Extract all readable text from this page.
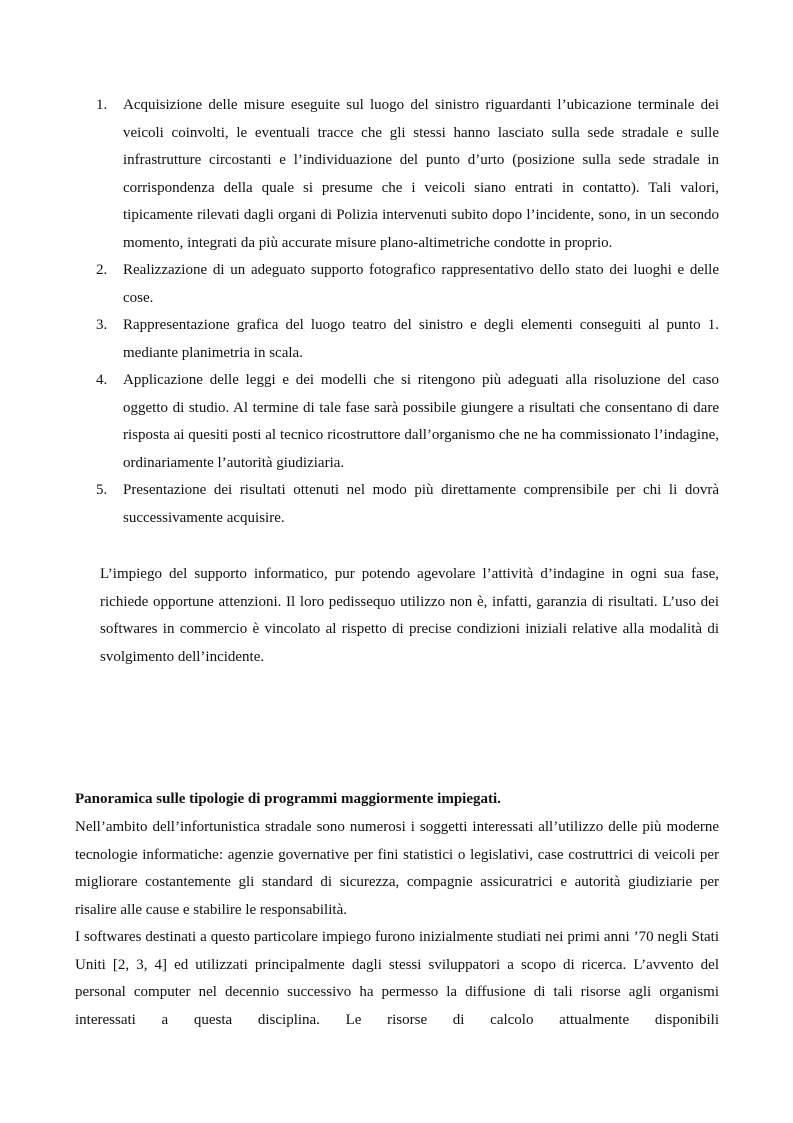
1. Acquisizione delle misure eseguite sul luogo del sinistro riguardanti l’ubicazione terminale dei veicoli coinvolti, le eventuali tracce che gli stessi hanno lasciato sulla sede stradale e sulle infrastrutture circostanti e l’individuazione del punto d’urto (posizione sulla sede stradale in corrispondenza della quale si presume che i veicoli siano entrati in contatto). Tali valori, tipicamente rilevati dagli organi di Polizia intervenuti subito dopo l’incidente, sono, in un secondo momento, integrati da più accurate misure plano-altimetriche condotte in proprio.
2. Realizzazione di un adeguato supporto fotografico rappresentativo dello stato dei luoghi e delle cose.
3. Rappresentazione grafica del luogo teatro del sinistro e degli elementi conseguiti al punto 1. mediante planimetria in scala.
4. Applicazione delle leggi e dei modelli che si ritengono più adeguati alla risoluzione del caso oggetto di studio. Al termine di tale fase sarà possibile giungere a risultati che consentano di dare risposta ai quesiti posti al tecnico ricostruttore dall’organismo che ne ha commissionato l’indagine, ordinariamente l’autorità giudiziaria.
5. Presentazione dei risultati ottenuti nel modo più direttamente comprensibile per chi li dovrà successivamente acquisire.

L’impiego del supporto informatico, pur potendo agevolare l’attività d’indagine in ogni sua fase, richiede opportune attenzioni. Il loro pedissequo utilizzo non è, infatti, garanzia di risultati. L’uso dei softwares in commercio è vincolato al rispetto di precise condizioni iniziali relative alla modalità di svolgimento dell’incidente.

Panoramica sulle tipologie di programmi maggiormente impiegati.

Nell’ambito dell’infortunistica stradale sono numerosi i soggetti interessati all’utilizzo delle più moderne tecnologie informatiche: agenzie governative per fini statistici o legislativi, case costruttrici di veicoli per migliorare costantemente gli standard di sicurezza, compagnie assicuratrici e autorità giudiziarie per risalire alle cause e stabilire le responsabilità.

I softwares destinati a questo particolare impiego furono inizialmente studiati nei primi anni ’70 negli Stati Uniti [2, 3, 4] ed utilizzati principalmente dagli stessi sviluppatori a scopo di ricerca. L’avvento del personal computer nel decennio successivo ha permesso la diffusione di tali risorse agli organismi interessati a questa disciplina. Le risorse di calcolo attualmente disponibili
